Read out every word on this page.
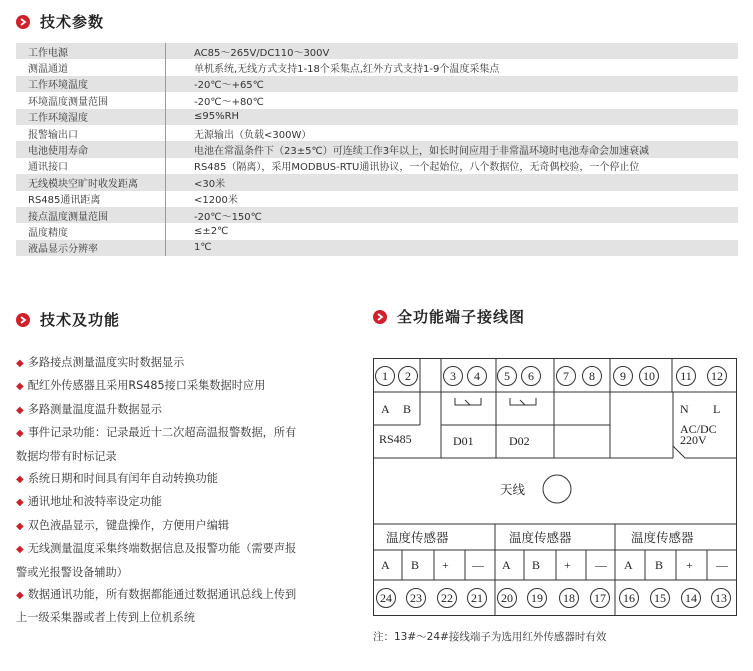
技术参数
工作电源	AC85～265V/DC110～300V
测温通道	单机系统,无线方式支持1-18个采集点,红外方式支持1-9个温度采集点
工作环境温度	-20℃～+65℃
环境温度测量范围	-20℃～+80℃
工作环境湿度	≤95%RH
报警输出口	无源输出（负载<300W）
电池使用寿命	电池在常温条件下（23±5℃）可连续工作3年以上，如长时间应用于非常温环境时电池寿命会加速衰减
通讯接口	RS485（隔离），采用MODBUS-RTU通讯协议，一个起始位，八个数据位，无奇偶校验，一个停止位
无线模块空旷时收发距离	<30米
RS485通讯距离	<1200米
接点温度测量范围	-20℃～150℃
温度精度	≤±2℃
液晶显示分辨率	1℃
技术及功能
◆ 多路接点测量温度实时数据显示
◆ 配红外传感器且采用RS485接口采集数据时应用
◆ 多路测量温度温升数据显示
◆ 事件记录功能：记录最近十二次超高温报警数据，所有
数据均带有时标记录
◆ 系统日期和时间具有闰年自动转换功能
◆ 通讯地址和波特率设定功能
◆ 双色液晶显示，键盘操作，方便用户编辑
◆ 无线测量温度采集终端数据信息及报警功能（需要声报
警或光报警设备辅助）
◆ 数据通讯功能，所有数据都能通过数据通讯总线上传到
上一级采集器或者上传到上位机系统
全功能端子接线图
1	2	3	4	5	6	7	8	9	10	11	12
24	23	22	21	20	19	18	17	16	15	14	13
A B + — A B + — A B + —
A B	N L
RS485	D01	D02
AC/DC
220V
天线
温度传感器	温度传感器	温度传感器
注：13#～24#接线端子为选用红外传感器时有效
